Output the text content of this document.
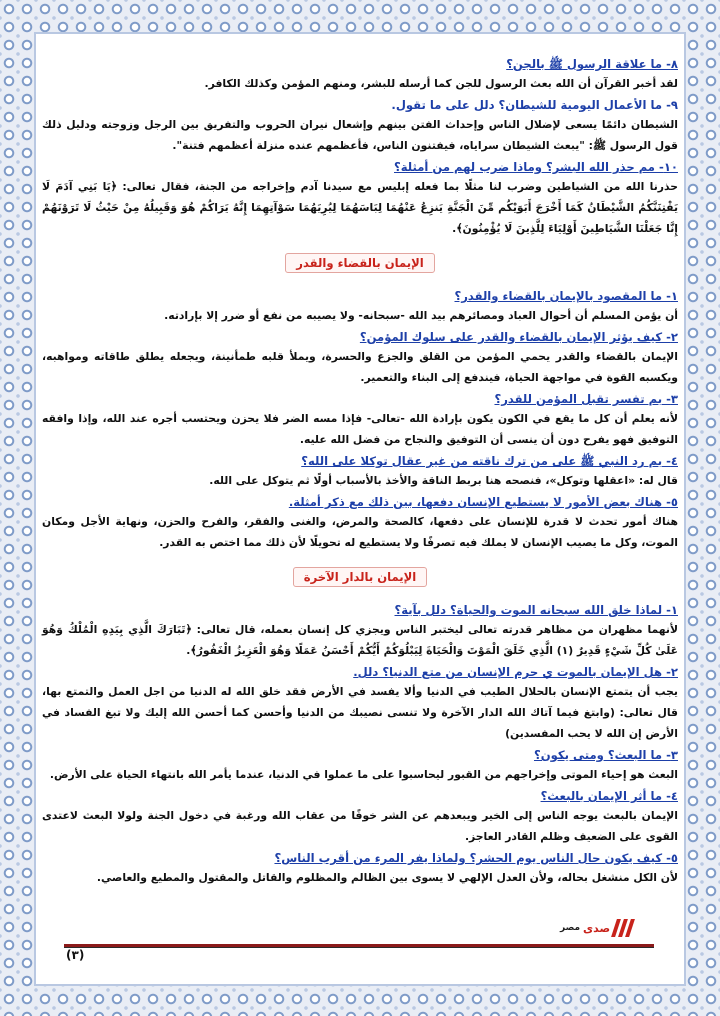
٨- ما علاقة الرسول ﷺ بالجن؟

لقد أخبر القرآن أن الله بعث الرسول للجن كما أرسله للبشر، ومنهم المؤمن وكذلك الكافر.

٩- ما الأعمال اليومية للشيطان؟ دلل على ما تقول.

الشيطان دائمًا يسعى لإضلال الناس وإحداث الفتن بينهم وإشعال نيران الحروب والتفريق بين الرجل وزوجته ودليل ذلك قول الرسول ﷺ: "يبعث الشيطان سراياه، فيفتنون الناس، فأعظمهم عنده منزلة أعظمهم فتنة".

١٠- مم حذر الله البشر؟ وماذا ضرب لهم من أمثلة؟

حذرنا الله من الشياطين وضرب لنا مثلًا بما فعله إبليس مع سيدنا آدم وإخراجه من الجنة، فقال تعالى: ﴿يَا بَنِي آدَمَ لَا يَفْتِنَنَّكُمُ الشَّيْطَانُ كَمَا أَخْرَجَ أَبَوَيْكُم مِّنَ الْجَنَّةِ يَنزِعُ عَنْهُمَا لِبَاسَهُمَا لِيُرِيَهُمَا سَوْآتِهِمَا إِنَّهُ يَرَاكُمْ هُوَ وَقَبِيلُهُ مِنْ حَيْثُ لَا تَرَوْنَهُمْ إِنَّا جَعَلْنَا الشَّيَاطِينَ أَوْلِيَاءَ لِلَّذِينَ لَا يُؤْمِنُونَ﴾.

الإيمان بالقضاء والقدر

١- ما المقصود بالإيمان بالقضاء والقدر؟

أن يؤمن المسلم أن أحوال العباد ومصائرهم بيد الله -سبحانه- ولا يصيبه من نفع أو ضرر إلا بإرادته.

٢- كيف يؤثر الإيمان بالقضاء والقدر على سلوك المؤمن؟

الإيمان بالقضاء والقدر يحمي المؤمن من القلق والجزع والحسرة، ويملأ قلبه طمأنينة، ويجعله يطلق طاقاته ومواهبه، ويكسبه القوة في مواجهة الحياة، فيندفع إلى البناء والتعمير.

٣- بم تفسر تقبل المؤمن للقدر؟

لأنه يعلم أن كل ما يقع في الكون يكون بإرادة الله -تعالى- فإذا مسه الضر فلا يحزن ويحتسب أجره عند الله، وإذا وافقه التوفيق فهو يفرح دون أن ينسى أن التوفيق والنجاح من فضل الله عليه.

٤- بم رد النبي ﷺ على من ترك ناقته من غير عقال توكلا على الله؟

قال له: «اعقلها وتوكل»، فنصحه هنا بربط الناقة والأخذ بالأسباب أولًا ثم يتوكل على الله.

٥- هناك بعض الأمور لا يستطيع الإنسان دفعها، بين ذلك مع ذكر أمثلة.

هناك أمور تحدث لا قدرة للإنسان على دفعها، كالصحة والمرض، والغنى والفقر، والفرح والحزن، ونهاية الأجل ومكان الموت، وكل ما يصيب الإنسان لا يملك فيه تصرفًا ولا يستطيع له تحويلًا لأن ذلك مما اختص به القدر.

الإيمان بالدار الآخرة

١- لماذا خلق الله سبحانه الموت والحياة؟ دلل بآية؟

لأنهما مظهران من مظاهر قدرته تعالى ليختبر الناس ويجزي كل إنسان بعمله، قال تعالى: ﴿تَبَارَكَ الَّذِي بِيَدِهِ الْمُلْكُ وَهُوَ عَلَىٰ كُلِّ شَيْءٍ قَدِيرٌ (١) الَّذِي خَلَقَ الْمَوْتَ وَالْحَيَاةَ لِيَبْلُوَكُمْ أَيُّكُمْ أَحْسَنُ عَمَلًا وَهُوَ الْعَزِيزُ الْغَفُورُ﴾.

٢- هل الإيمان بالموت ي حرم الإنسان من متع الدنيا؟ دلل.

يجب أن يتمتع الإنسان بالحلال الطيب في الدنيا وألا يفسد في الأرض فقد خلق الله له الدنيا من اجل العمل والتمتع بها، قال تعالى: (وابتغ فيما آتاك الله الدار الآخرة ولا تنسى نصيبك من الدنيا وأحسن كما أحسن الله إليك ولا تبغ الفساد في الأرض إن الله لا يحب المفسدين)

٣- ما البعث؟ ومتى يكون؟

البعث هو إحياء الموتى وإخراجهم من القبور ليحاسبوا على ما عملوا في الدنيا، عندما يأمر الله بانتهاء الحياة على الأرض.

٤- ما أثر الإيمان بالبعث؟

الإيمان بالبعث يوجه الناس إلى الخير ويبعدهم عن الشر خوفًا من عقاب الله ورغبة في دخول الجنة ولولا البعث لاعتدى القوى على الضعيف وظلم القادر العاجز.

٥- كيف يكون حال الناس يوم الحشر؟ ولماذا يفر المرء من أقرب الناس؟

لأن الكل منشغل بحاله، ولأن العدل الإلهي لا يسوى بين الظالم والمظلوم والقاتل والمقتول والمطيع والعاصي.

صدى
مصر
(٣)
